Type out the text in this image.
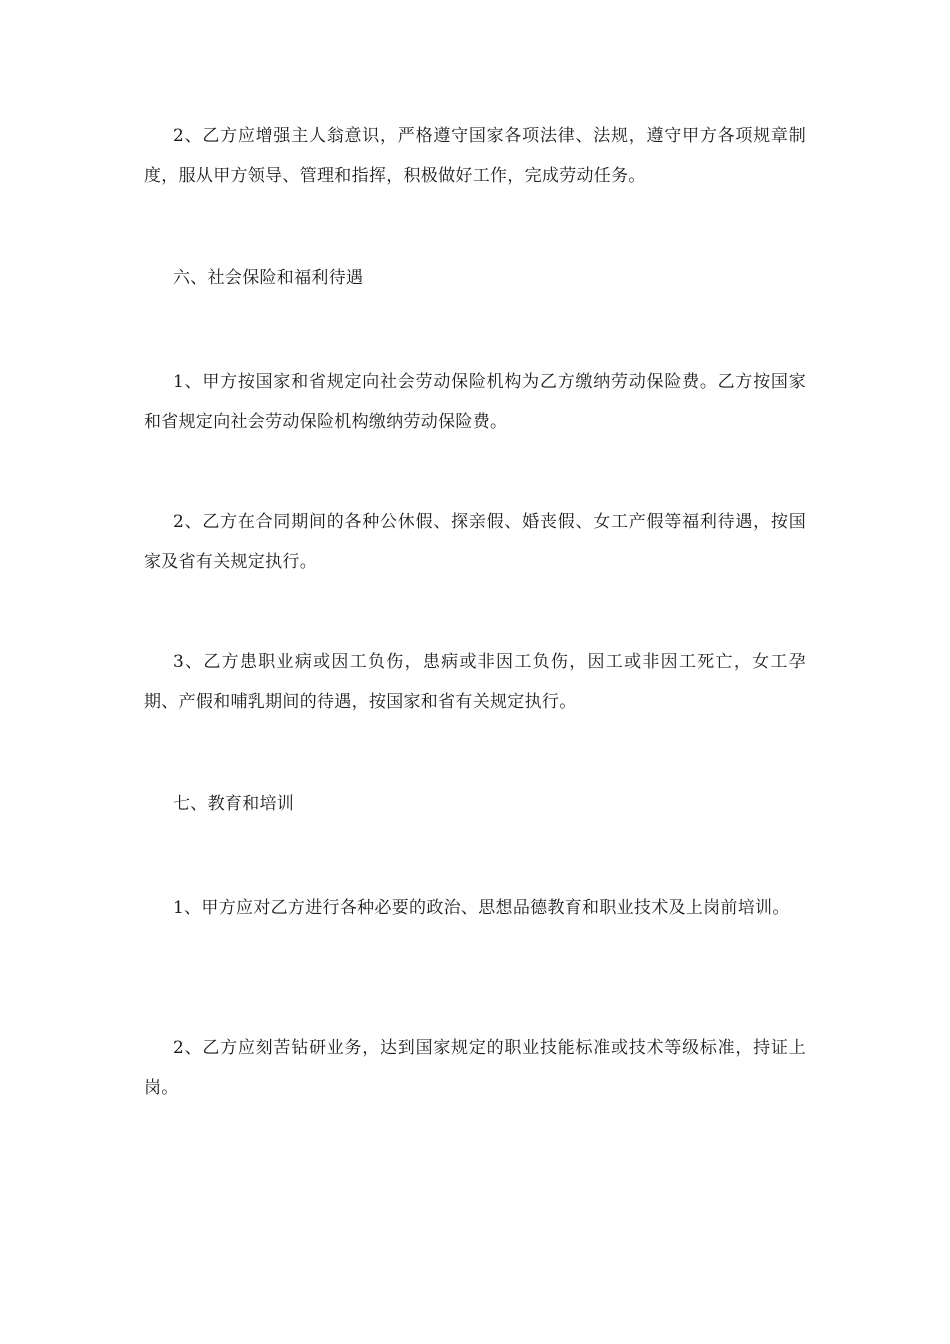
2、乙方应增强主人翁意识，严格遵守国家各项法律、法规，遵守甲方各项规章制度，服从甲方领导、管理和指挥，积极做好工作，完成劳动任务。

六、社会保险和福利待遇

1、甲方按国家和省规定向社会劳动保险机构为乙方缴纳劳动保险费。乙方按国家和省规定向社会劳动保险机构缴纳劳动保险费。

2、乙方在合同期间的各种公休假、探亲假、婚丧假、女工产假等福利待遇，按国家及省有关规定执行。

3、乙方患职业病或因工负伤，患病或非因工负伤，因工或非因工死亡，女工孕期、产假和哺乳期间的待遇，按国家和省有关规定执行。

七、教育和培训

1、甲方应对乙方进行各种必要的政治、思想品德教育和职业技术及上岗前培训。

2、乙方应刻苦钻研业务，达到国家规定的职业技能标准或技术等级标准，持证上岗。
